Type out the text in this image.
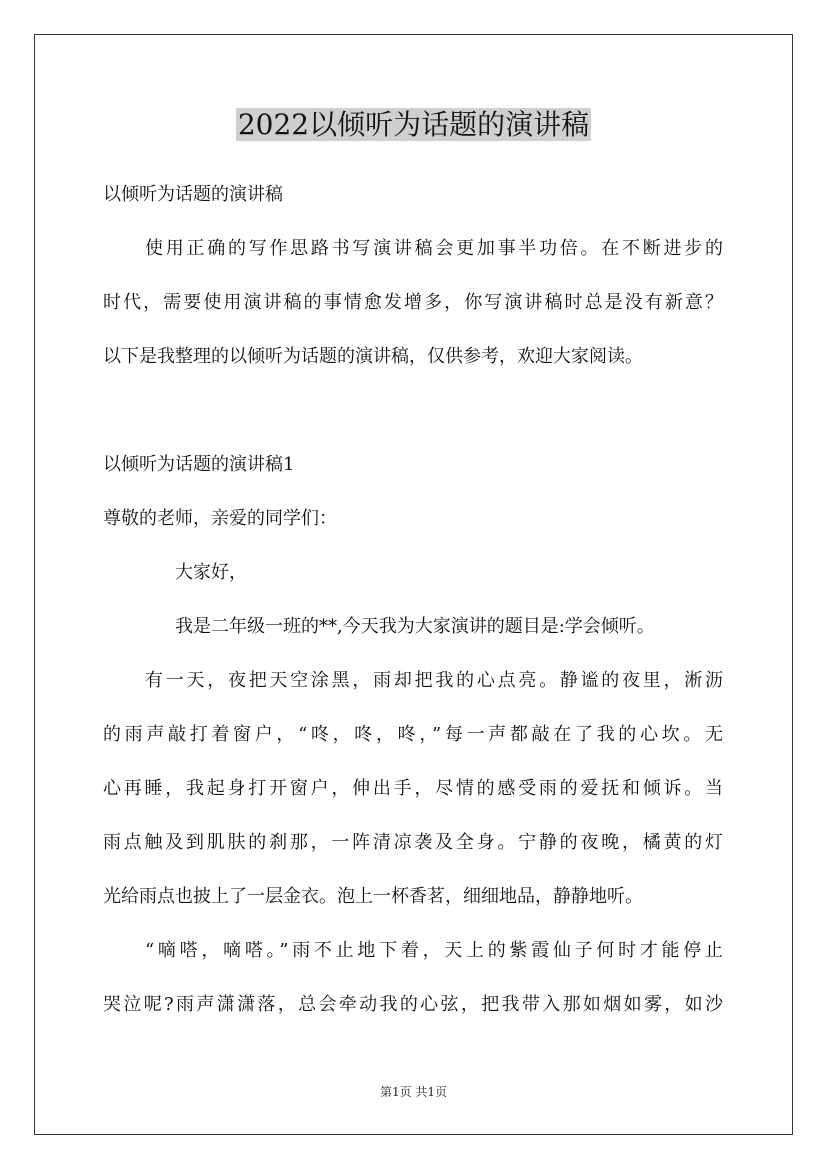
2022以倾听为话题的演讲稿

以倾听为话题的演讲稿

使用正确的写作思路书写演讲稿会更加事半功倍。在不断进步的

时代，需要使用演讲稿的事情愈发增多，你写演讲稿时总是没有新意？

以下是我整理的以倾听为话题的演讲稿，仅供参考，欢迎大家阅读。

以倾听为话题的演讲稿1

尊敬的老师，亲爱的同学们：

大家好，

我是二年级一班的**,今天我为大家演讲的题目是:学会倾听。

有一天，夜把天空涂黑，雨却把我的心点亮。静谧的夜里，淅沥

的雨声敲打着窗户，“咚，咚，咚，”每一声都敲在了我的心坎。无

心再睡，我起身打开窗户，伸出手，尽情的感受雨的爱抚和倾诉。当

雨点触及到肌肤的刹那，一阵清凉袭及全身。宁静的夜晚，橘黄的灯

光给雨点也披上了一层金衣。泡上一杯香茗，细细地品，静静地听。

“嘀嗒，嘀嗒。”雨不止地下着，天上的紫霞仙子何时才能停止

哭泣呢?雨声潇潇落，总会牵动我的心弦，把我带入那如烟如雾，如沙

第1页 共1页
